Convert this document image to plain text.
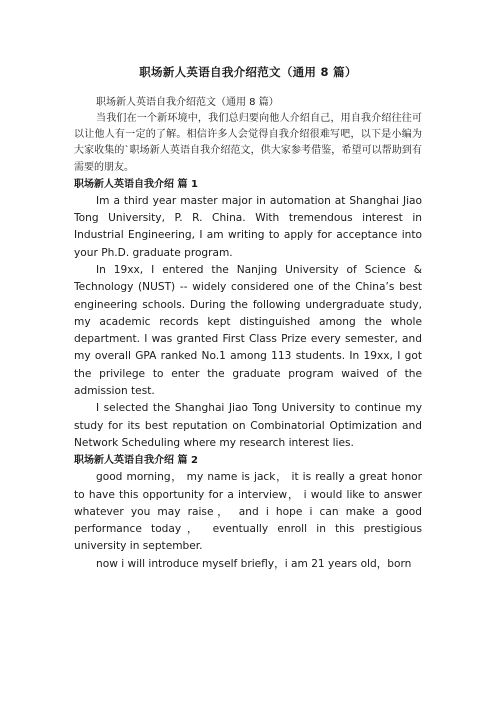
职场新人英语自我介绍范文（通用 8 篇）

职场新人英语自我介绍范文（通用 8 篇）

当我们在一个新环境中，我们总归要向他人介绍自己，用自我介绍往往可以让他人有一定的了解。相信许多人会觉得自我介绍很难写吧，以下是小编为大家收集的`职场新人英语自我介绍范文，供大家参考借鉴，希望可以帮助到有需要的朋友。

职场新人英语自我介绍 篇 1

Im a third year master major in automation at Shanghai Jiao Tong University, P. R. China. With tremendous interest in Industrial Engineering, I am writing to apply for acceptance into your Ph.D. graduate program.

In 19xx, I entered the Nanjing University of Science & Technology (NUST) -- widely considered one of the China’s best engineering schools. During the following undergraduate study, my academic records kept distinguished among the whole department. I was granted First Class Prize every semester, and my overall GPA ranked No.1 among 113 students. In 19xx, I got the privilege to enter the graduate program waived of the admission test.

I selected the Shanghai Jiao Tong University to continue my study for its best reputation on Combinatorial Optimization and Network Scheduling where my research interest lies.

职场新人英语自我介绍 篇 2

good morning， my name is jack， it is really a great honor to have this opportunity for a interview， i would like to answer whatever you may raise， and i hope i can make a good performance today， eventually enroll in this prestigious university in september.

now i will introduce myself briefly，i am 21 years old，born
